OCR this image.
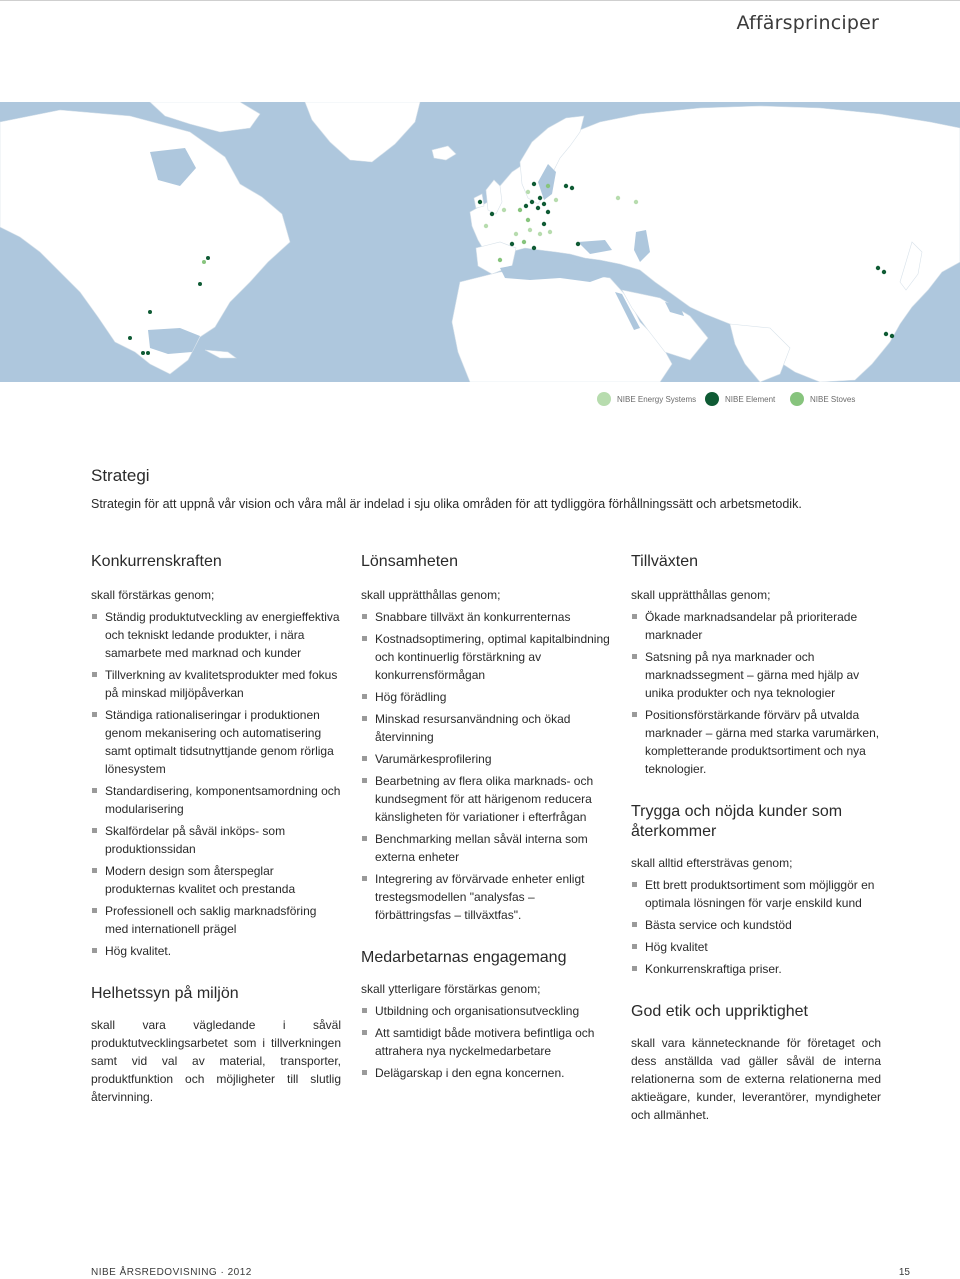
Affärsprinciper
NIBE Energy Systems	NIBE Element	NIBE Stoves
Strategi

Strategin för att uppnå vår vision och våra mål är indelad i sju olika områden för att tydliggöra förhållningssätt och arbetsmetodik.

Konkurrenskraften

skall förstärkas genom;

Ständig produktutveckling av energieffektiva och tekniskt ledande produkter, i nära samarbete med marknad och kunder
Tillverkning av kvalitetsprodukter med fokus på minskad miljöpåverkan
Ständiga rationaliseringar i produktionen genom mekanisering och automatisering samt optimalt tidsutnyttjande genom rörliga lönesystem
Standardisering, komponentsamordning och modularisering
Skalfördelar på såväl inköps- som produktionssidan
Modern design som återspeglar produkternas kvalitet och prestanda
Professionell och saklig marknadsföring med internationell prägel
Hög kvalitet.
Helhetssyn på miljön

skall vara vägledande i såväl produktutvecklingsarbetet som i tillverkningen samt vid val av material, transporter, produktfunktion och möjligheter till slutlig återvinning.

Lönsamheten

skall upprätthållas genom;

Snabbare tillväxt än konkurrenternas
Kostnadsoptimering, optimal kapitalbindning och kontinuerlig förstärkning av konkurrensförmågan
Hög förädling
Minskad resursanvändning och ökad återvinning
Varumärkesprofilering
Bearbetning av flera olika marknads- och kundsegment för att härigenom reducera känsligheten för variationer i efterfrågan
Benchmarking mellan såväl interna som externa enheter
Integrering av förvärvade enheter enligt trestegsmodellen "analysfas – förbättringsfas – tillväxtfas".
Medarbetarnas engagemang

skall ytterligare förstärkas genom;

Utbildning och organisationsutveckling
Att samtidigt både motivera befintliga och attrahera nya nyckelmedarbetare
Delägarskap i den egna koncernen.
Tillväxten

skall upprätthållas genom;

Ökade marknadsandelar på prioriterade marknader
Satsning på nya marknader och marknadssegment – gärna med hjälp av unika produkter och nya teknologier
Positionsförstärkande förvärv på utvalda marknader – gärna med starka varumärken, kompletterande produktsortiment och nya teknologier.
Trygga och nöjda kunder som återkommer

skall alltid eftersträvas genom;

Ett brett produktsortiment som möjliggör en optimala lösningen för varje enskild kund
Bästa service och kundstöd
Hög kvalitet
Konkurrenskraftiga priser.
God etik och uppriktighet

skall vara kännetecknande för företaget och dess anställda vad gäller såväl de interna relationerna som de externa relationerna med aktieägare, kunder, leverantörer, myndigheter och allmänhet.

NIBE ÅRSREDOVISNING · 2012	15
